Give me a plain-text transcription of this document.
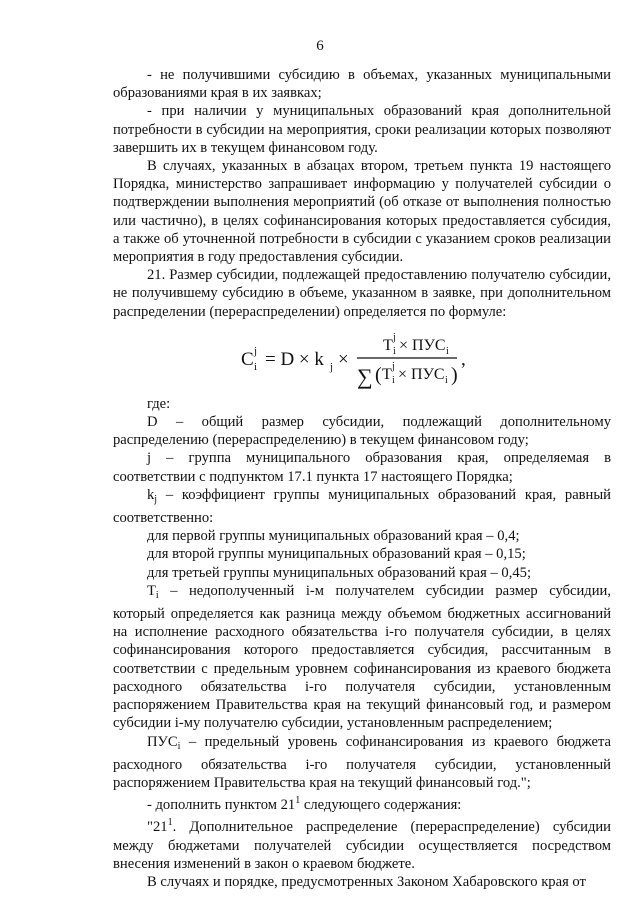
6

- не получившими субсидию в объемах, указанных муниципальными образованиями края в их заявках;

- при наличии у муниципальных образований края дополнительной потребности в субсидии на мероприятия, сроки реализации которых позволяют завершить их в текущем финансовом году.

В случаях, указанных в абзацах втором, третьем пункта 19 настоящего Порядка, министерство запрашивает информацию у получателей субсидии о подтверждении выполнения мероприятий (об отказе от выполнения полностью или частично), в целях софинансирования которых предоставляется субсидия, а также об уточненной потребности в субсидии с указанием сроков реализации мероприятия в году предоставления субсидии.

21. Размер субсидии, подлежащей предоставлению получателю субсидии, не получившему субсидию в объеме, указанном в заявке, при дополнительном распределении (перераспределении) определяется по формуле:

C i
j = D × k j ×
T i
j × ПУС i
∑ ( T i
j × ПУС i )
,

где:

D – общий размер субсидии, подлежащий дополнительному распределению (перераспределению) в текущем финансовом году;

j – группа муниципального образования края, определяемая в соответствии с подпунктом 17.1 пункта 17 настоящего Порядка;

$k_j$ – коэффициент группы муниципальных образований края, равный соответственно:

для первой группы муниципальных образований края – 0,4;

для второй группы муниципальных образований края – 0,15;

для третьей группы муниципальных образований края – 0,45;

$T_i$ – недополученный i-м получателем субсидии размер субсидии, который определяется как разница между объемом бюджетных ассигнований на исполнение расходного обязательства i-го получателя субсидии, в целях софинансирования которого предоставляется субсидия, рассчитанным в соответствии с предельным уровнем софинансирования из краевого бюджета расходного обязательства i-го получателя субсидии, установленным распоряжением Правительства края на текущий финансовый год, и размером субсидии i-му получателю субсидии, установленным распределением;

$ПУС_i$ – предельный уровень софинансирования из краевого бюджета расходного обязательства i-го получателя субсидии, установленный распоряжением Правительства края на текущий финансовый год.";

- дополнить пунктом $21^1$ следующего содержания:

"$21^1$. Дополнительное распределение (перераспределение) субсидии между бюджетами получателей субсидии осуществляется посредством внесения изменений в закон о краевом бюджете.

В случаях и порядке, предусмотренных Законом Хабаровского края от
